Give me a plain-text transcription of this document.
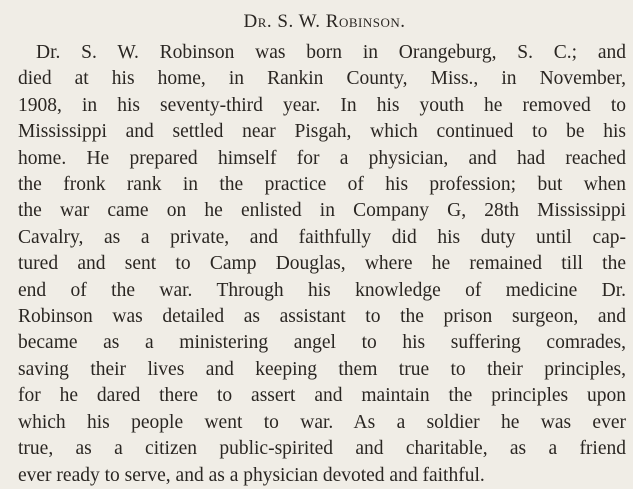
Dr. S. W. Robinson.
Dr. S. W. Robinson was born in Orangeburg, S. C.; and
died at his home, in Rankin County, Miss., in November,
1908, in his seventy-third year. In his youth he removed to
Mississippi and settled near Pisgah, which continued to be his
home. He prepared himself for a physician, and had reached
the fronk rank in the practice of his profession; but when
the war came on he enlisted in Company G, 28th Mississippi
Cavalry, as a private, and faithfully did his duty until cap-
tured and sent to Camp Douglas, where he remained till the
end of the war. Through his knowledge of medicine Dr.
Robinson was detailed as assistant to the prison surgeon, and
became as a ministering angel to his suffering comrades,
saving their lives and keeping them true to their principles,
for he dared there to assert and maintain the principles upon
which his people went to war. As a soldier he was ever
true, as a citizen public-spirited and charitable, as a friend
ever ready to serve, and as a physician devoted and faithful.
